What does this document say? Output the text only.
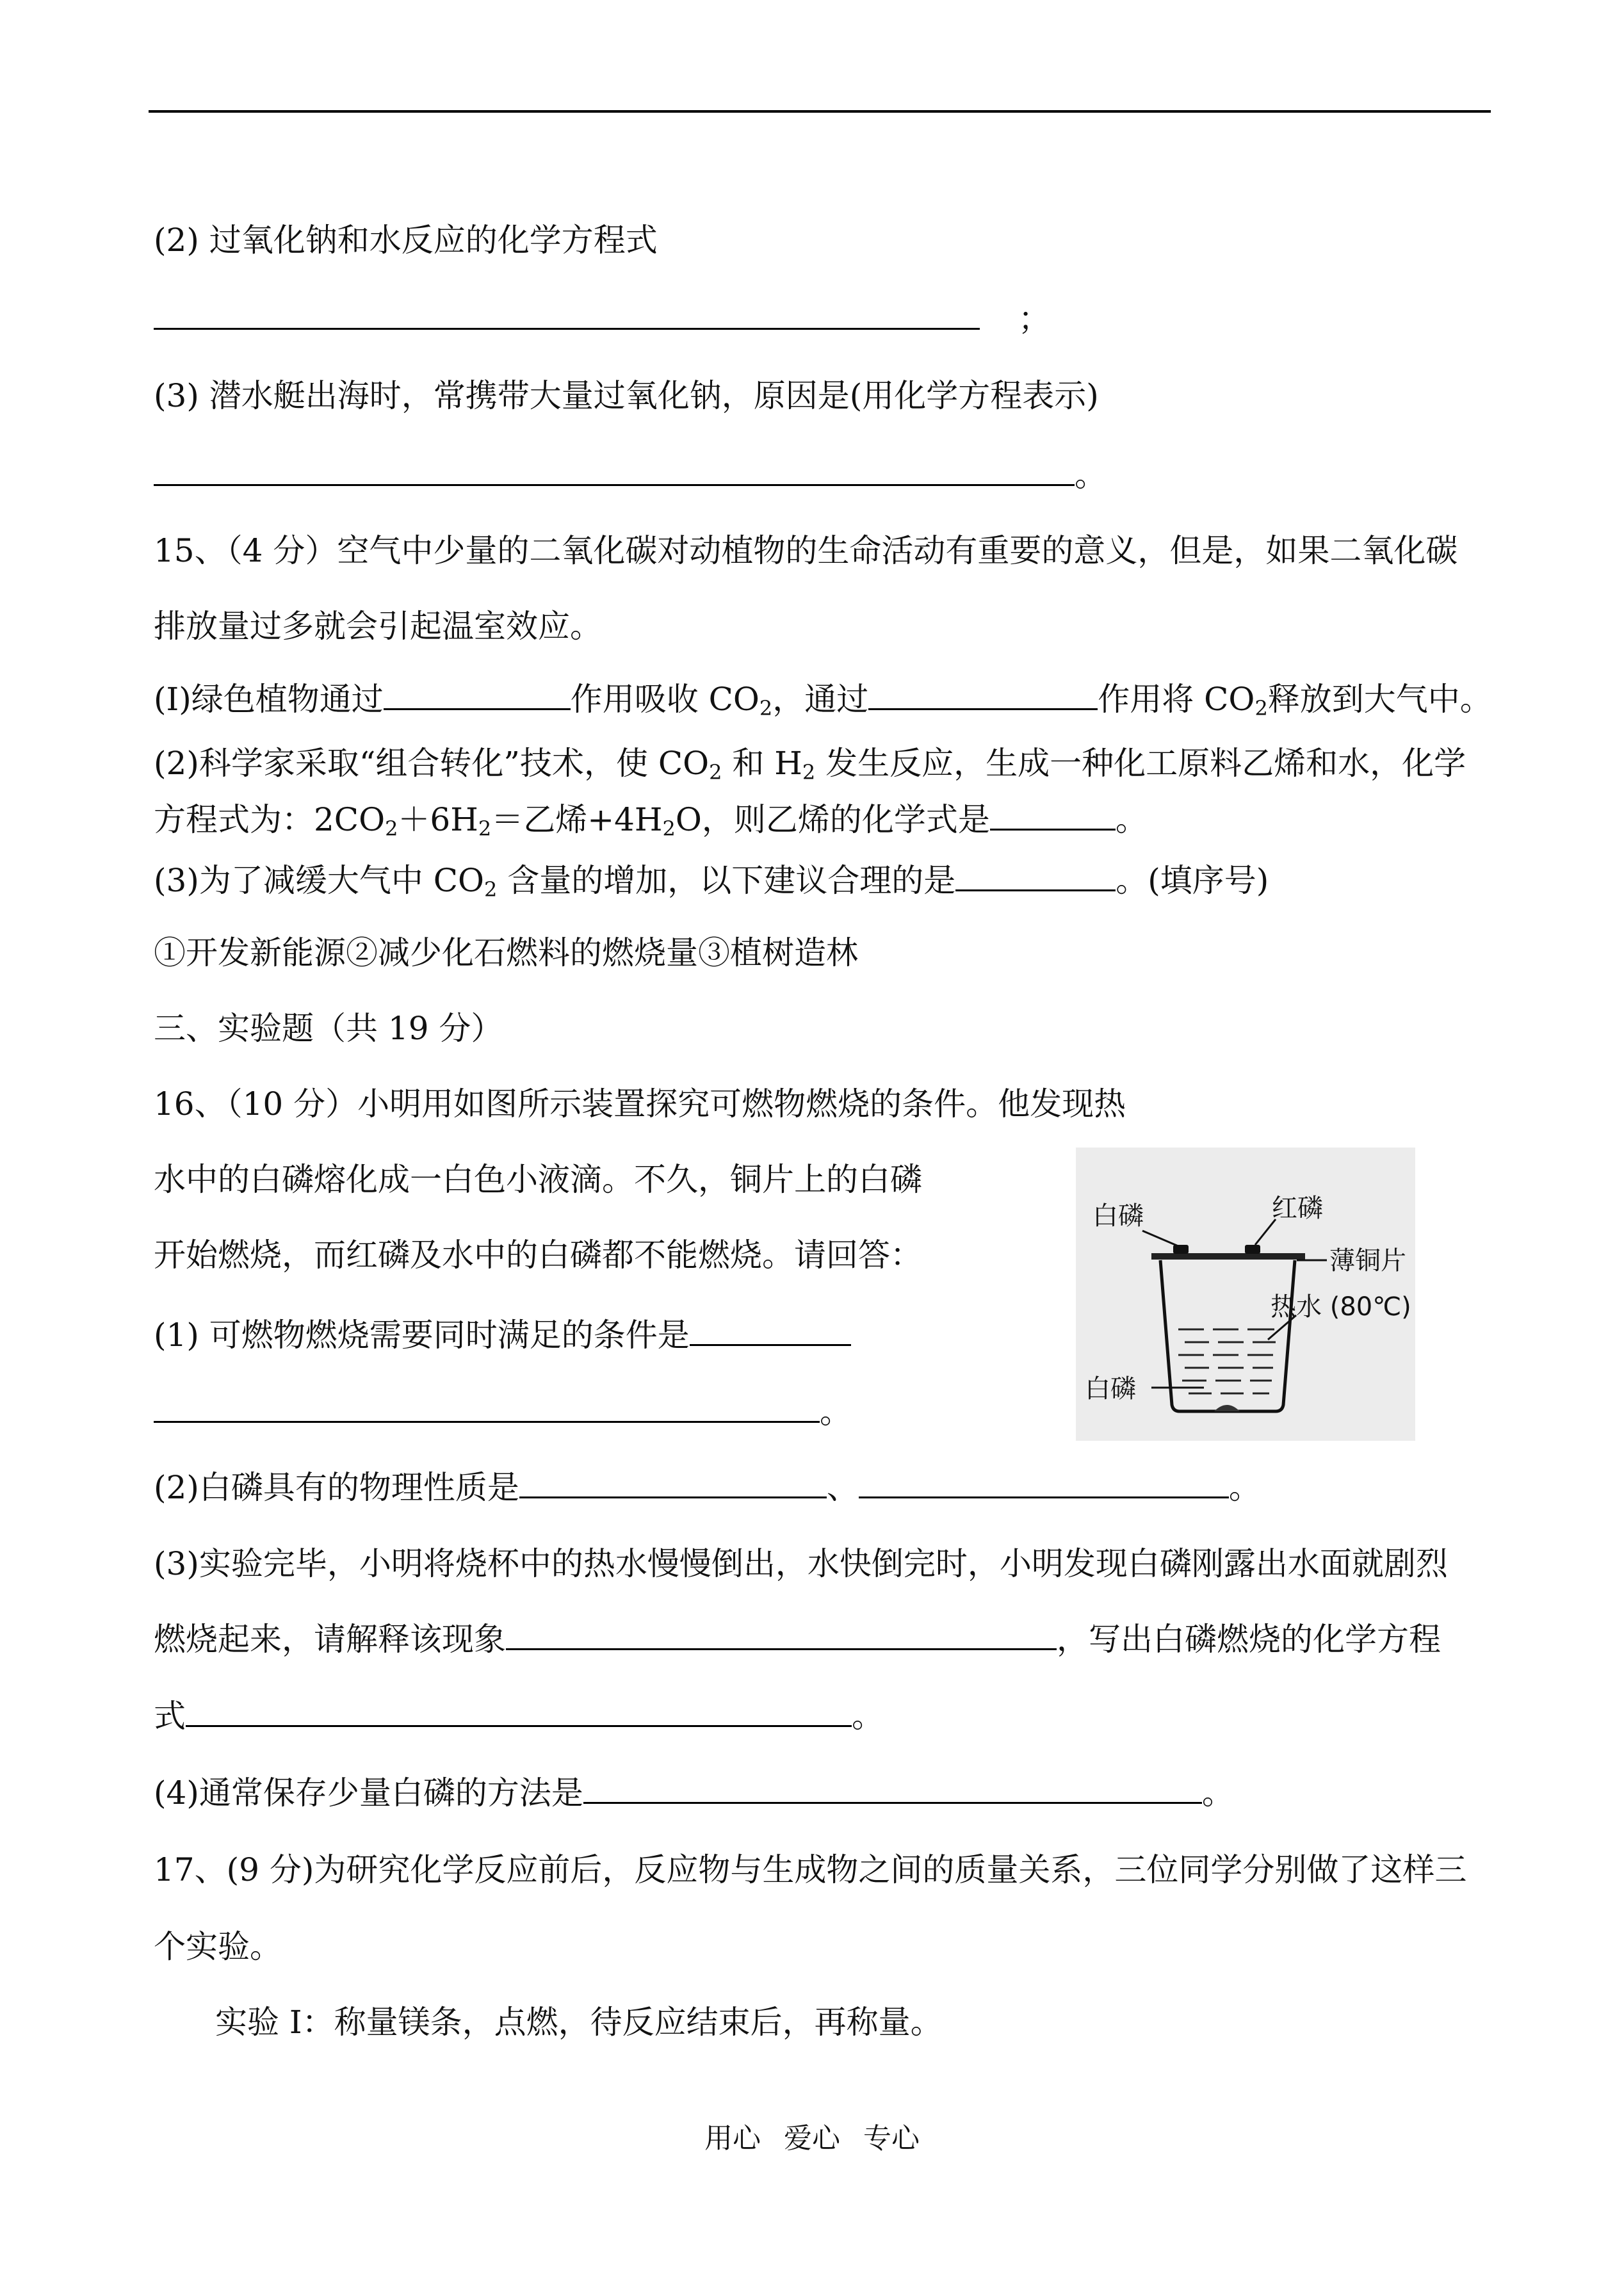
(2) 过氧化钠和水反应的化学方程式
；
(3) 潜水艇出海时，常携带大量过氧化钠，原因是(用化学方程表示)
。
15、（4 分）空气中少量的二氧化碳对动植物的生命活动有重要的意义，但是，如果二氧化碳
排放量过多就会引起温室效应。
(I)绿色植物通过	作用吸收 $CO_2$，通过	作用将 $CO_2$释放到大气中。
(2)科学家采取“组合转化”技术，使 $CO_2$ 和 $H_2$ 发生反应，生成一种化工原料乙烯和水，化学
方程式为：$2CO_2+6H_2=$乙烯$+4H_2O$，则乙烯的化学式是	。
(3)为了减缓大气中 $CO_2$ 含量的增加，以下建议合理的是	。(填序号)
①开发新能源②减少化石燃料的燃烧量③植树造林
三、实验题（共 19 分）
16、（10 分）小明用如图所示装置探究可燃物燃烧的条件。他发现热
水中的白磷熔化成一白色小液滴。不久，铜片上的白磷
开始燃烧，而红磷及水中的白磷都不能燃烧。请回答：
(1) 可燃物燃烧需要同时满足的条件是
。
(2)白磷具有的物理性质是	、	。
(3)实验完毕，小明将烧杯中的热水慢慢倒出，水快倒完时，小明发现白磷刚露出水面就剧烈
燃烧起来，请解释该现象	，写出白磷燃烧的化学方程
式	。
(4)通常保存少量白磷的方法是	。
17、(9 分)为研究化学反应前后，反应物与生成物之间的质量关系，三位同学分别做了这样三
个实验。
实验 I：称量镁条，点燃，待反应结束后，再称量。
白磷	红磷
薄铜片
热水 (80℃)
白磷
用心 爱心 专心
